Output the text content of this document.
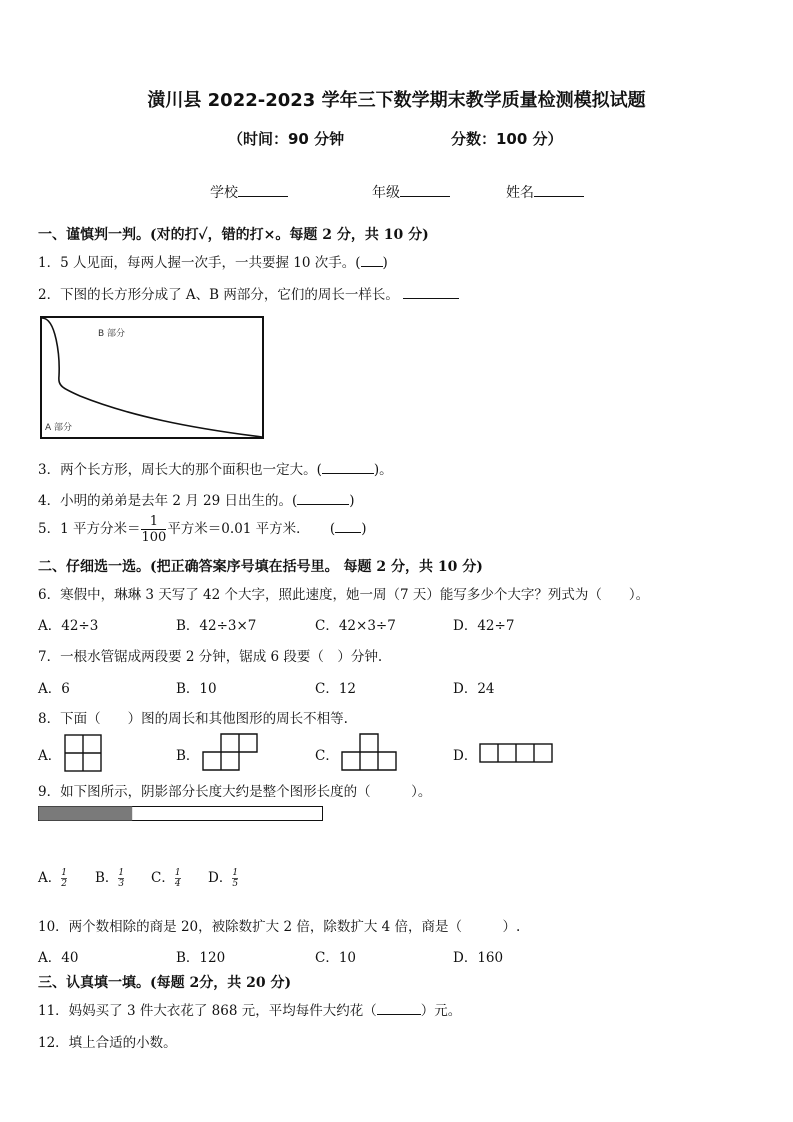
潢川县 2022-2023 学年三下数学期末教学质量检测模拟试题
（时间：90 分钟	分数：100 分）
学校	年级	姓名
一、谨慎判一判。(对的打✓，错的打×。每题 2 分，共 10 分)
1．5 人见面，每两人握一次手，一共要握 10 次手。( )
2．下图的长方形分成了 A、B 两部分，它们的周长一样长。
B 部分
A 部分
3．两个长方形，周长大的那个面积也一定大。(	)。
4．小明的弟弟是去年 2 月 29 日出生的。(	)
5．1 平方分米＝ $\frac{1}{100}$ 平方米＝0.01 平方米．　　( )
二、仔细选一选。(把正确答案序号填在括号里。 每题 2 分，共 10 分)
6．寒假中，琳琳 3 天写了 42 个大字，照此速度，她一周（7 天）能写多少个大字？列式为（　　）。
A．42÷3	B．42÷3×7	C．42×3÷7	D．42÷7
7．一根水管锯成两段要 2 分钟，锯成 6 段要（　）分钟.
A．6	B．10	C．12	D．24
8．下面（　　）图的周长和其他图形的周长不相等.
A．	B．	C．	D．
9．如下图所示，阴影部分长度大约是整个图形长度的（　　　）。
A． $\frac{1}{2}$ B． $\frac{1}{3}$ C． $\frac{1}{4}$ D． $\frac{1}{5}$
10．两个数相除的商是 20，被除数扩大 2 倍，除数扩大 4 倍，商是（　　　）.
A．40	B．120	C．10	D．160
三、认真填一填。(每题 2分，共 20 分)
11．妈妈买了 3 件大衣花了 868 元，平均每件大约花（	）元。
12．填上合适的小数。
